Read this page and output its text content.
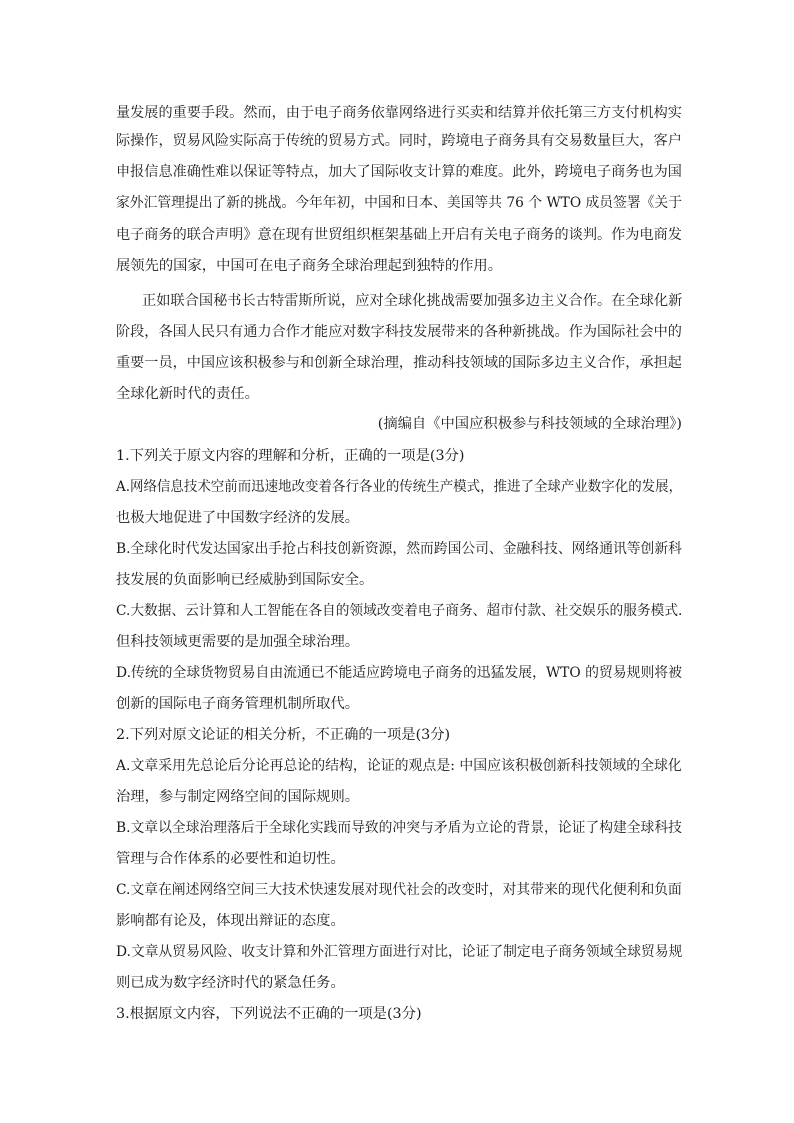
量发展的重要手段。然而，由于电子商务依靠网络进行买卖和结算并依托第三方支付机构实
际操作，贸易风险实际高于传统的贸易方式。同时，跨境电子商务具有交易数量巨大，客户
申报信息准确性难以保证等特点，加大了国际收支计算的难度。此外，跨境电子商务也为国
家外汇管理提出了新的挑战。今年年初，中国和日本、美国等共 76 个 WTO 成员签署《关于
电子商务的联合声明》意在现有世贸组织框架基础上开启有关电子商务的谈判。作为电商发
展领先的国家，中国可在电子商务全球治理起到独特的作用。
正如联合国秘书长古特雷斯所说，应对全球化挑战需要加强多边主义合作。在全球化新
阶段，各国人民只有通力合作才能应对数字科技发展带来的各种新挑战。作为国际社会中的
重要一员，中国应该积极参与和创新全球治理，推动科技领域的国际多边主义合作，承担起
全球化新时代的责任。
(摘编自《中国应积极参与科技领域的全球治理》)
1.下列关于原文内容的理解和分析，正确的一项是(3分)
A.网络信息技术空前而迅速地改变着各行各业的传统生产模式，推进了全球产业数字化的发展，
也极大地促进了中国数字经济的发展。
B.全球化时代发达国家出手抢占科技创新资源，然而跨国公司、金融科技、网络通讯等创新科
技发展的负面影响已经威胁到国际安全。
C.大数据、云计算和人工智能在各自的领域改变着电子商务、超市付款、社交娱乐的服务模式.
但科技领域更需要的是加强全球治理。
D.传统的全球货物贸易自由流通已不能适应跨境电子商务的迅猛发展，WTO 的贸易规则将被
创新的国际电子商务管理机制所取代。
2.下列对原文论证的相关分析，不正确的一项是(3分)
A.文章采用先总论后分论再总论的结构，论证的观点是: 中国应该积极创新科技领域的全球化
治理，参与制定网络空间的国际规则。
B.文章以全球治理落后于全球化实践而导致的冲突与矛盾为立论的背景，论证了构建全球科技
管理与合作体系的必要性和迫切性。
C.文章在阐述网络空间三大技术快速发展对现代社会的改变时，对其带来的现代化便利和负面
影响都有论及，体现出辩证的态度。
D.文章从贸易风险、收支计算和外汇管理方面进行对比，论证了制定电子商务领域全球贸易规
则已成为数字经济时代的紧急任务。
3.根据原文内容，下列说法不正确的一项是(3分)
